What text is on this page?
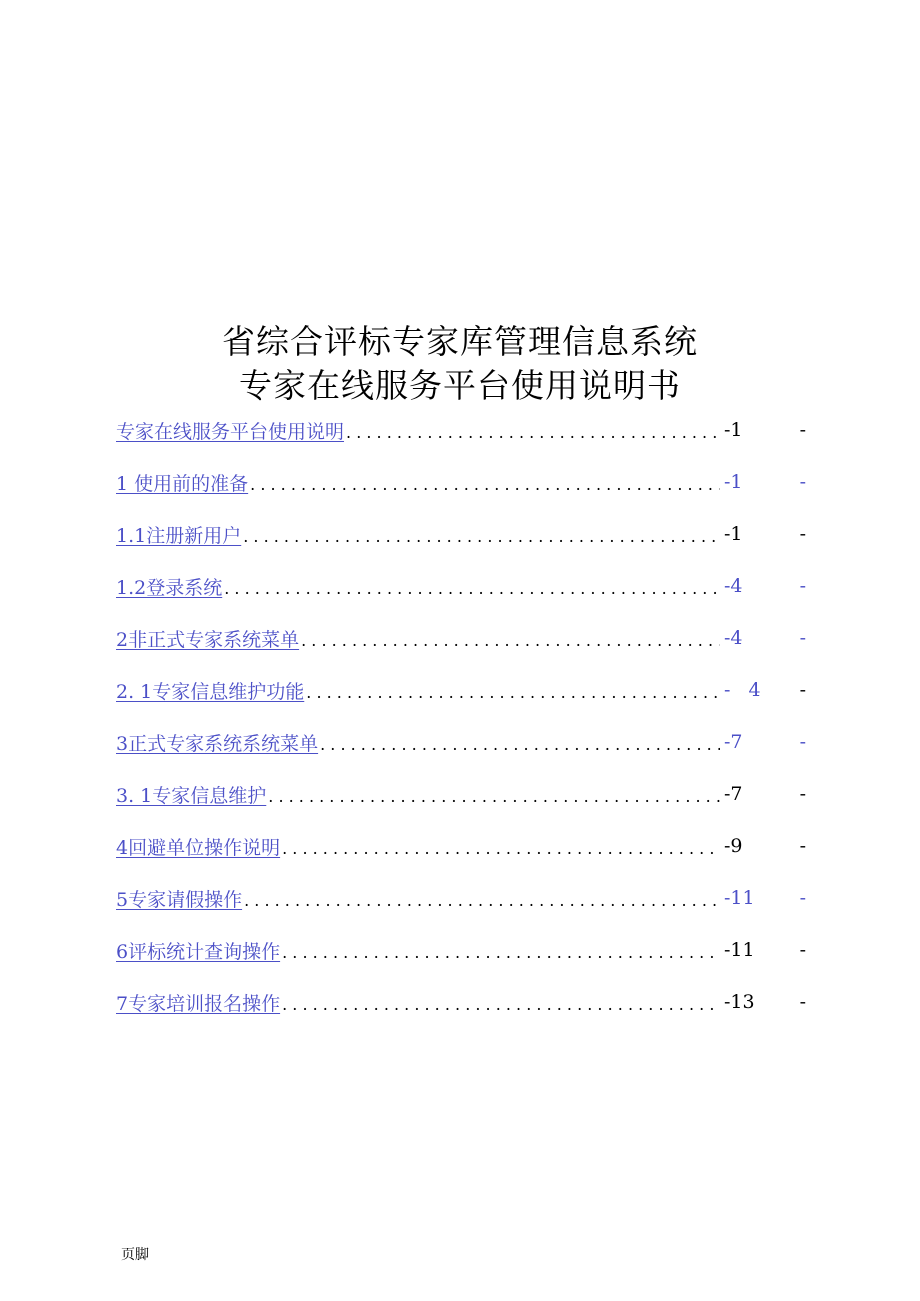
省综合评标专家库管理信息系统
专家在线服务平台使用说明书
专家在线服务平台使用说明 . . .	-1	-
1 使用前的准备 . . .	-1	-
1.1注册新用户 . . .	-1	-
1.2登录系统 . . .	-4	-
2非正式专家系统菜单 . . .	-4	-
2. 1专家信息维护功能 . . .	-   4	-
3正式专家系统系统菜单 . . .	-7	-
3. 1专家信息维护 . . .	-7	-
4回避单位操作说明 . . .	-9	-
5专家请假操作 . . .	-11	-
6评标统计查询操作 . . .	-11	-
7专家培训报名操作 . . .	-13	-
页脚
